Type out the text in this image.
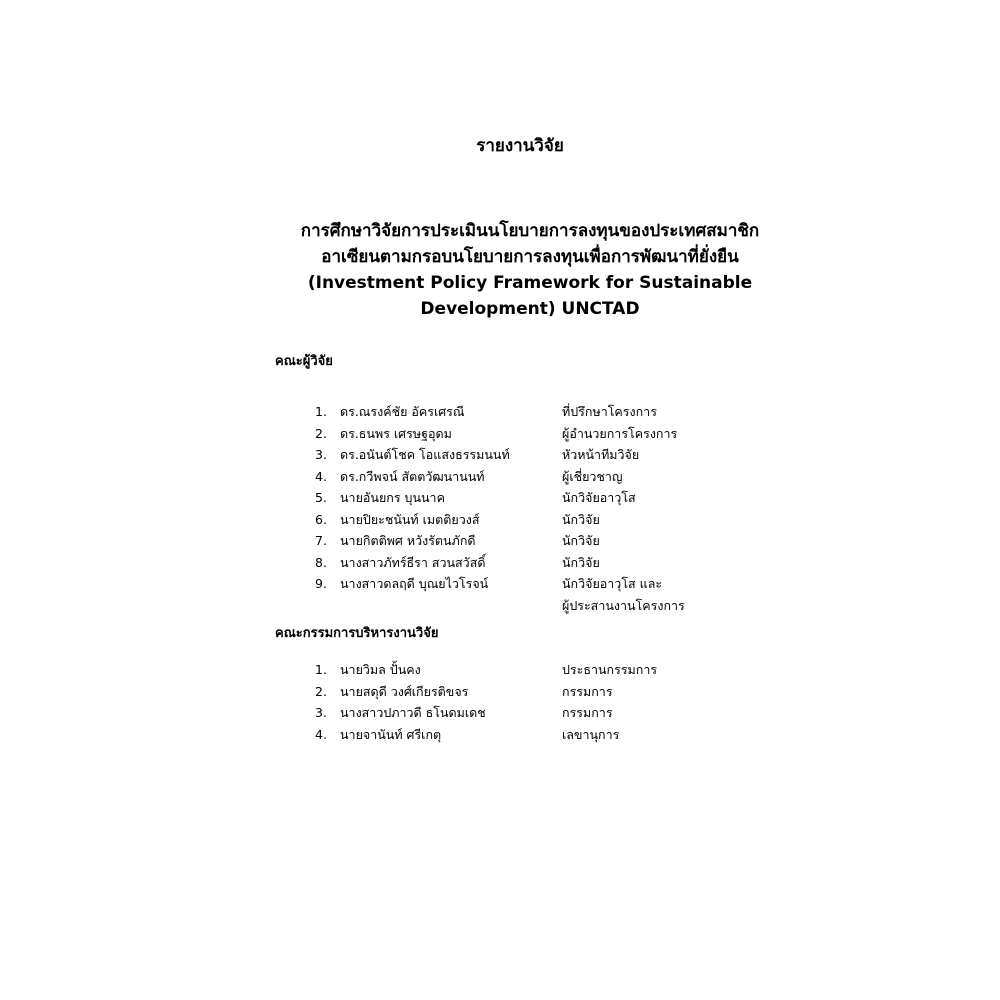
รายงานวิจัย
การศึกษาวิจัยการประเมินนโยบายการลงทุนของประเทศสมาชิก
อาเซียนตามกรอบนโยบายการลงทุนเพื่อการพัฒนาที่ยั่งยืน
(Investment Policy Framework for Sustainable
Development) UNCTAD
คณะผู้วิจัย
1.	ดร.ณรงค์ชัย อัครเศรณี	ที่ปรึกษาโครงการ
2.	ดร.ธนพร เศรษฐอุดม	ผู้อำนวยการโครงการ
3.	ดร.อนันต์โชค โอแสงธรรมนนท์	หัวหน้าทีมวิจัย
4.	ดร.กวีพจน์ สัตตวัฒนานนท์	ผู้เชี่ยวชาญ
5.	นายอันยกร บุนนาค	นักวิจัยอาวุโส
6.	นายปิยะชนันท์ เมตติยวงส์	นักวิจัย
7.	นายกิตติพศ หวังรัตนภักดี	นักวิจัย
8.	นางสาวภัทร์ธีรา สวนสวัสดิ์	นักวิจัย
9.	นางสาวดลฤดี บุณยไวโรจน์	นักวิจัยอาวุโส และ
ผู้ประสานงานโครงการ
คณะกรรมการบริหารงานวิจัย
1.	นายวิมล ปั้นคง	ประธานกรรมการ
2.	นายสดุดี วงศ์เกียรติขจร	กรรมการ
3.	นางสาวปภาวดี ธโนดมเดช	กรรมการ
4.	นายจานันท์ ศรีเกตุ	เลขานุการ
